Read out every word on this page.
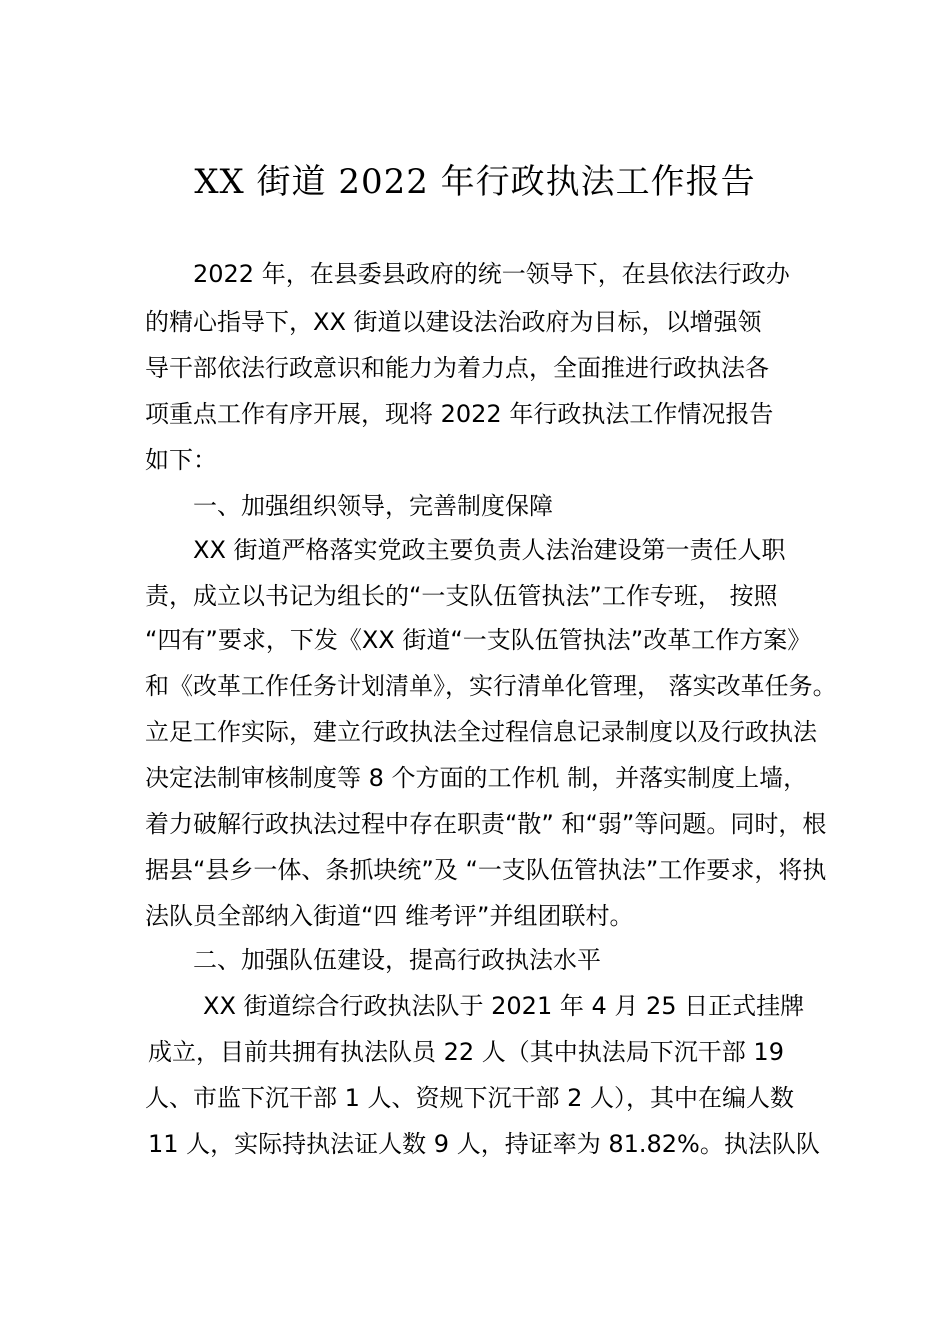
XX 街道 2022 年行政执法工作报告

2022 年，在县委县政府的统一领导下，在县依法行政办

的精心指导下，XX 街道以建设法治政府为目标，以增强领

导干部依法行政意识和能力为着力点，全面推进行政执法各

项重点工作有序开展，现将 2022 年行政执法工作情况报告

如下：

一、加强组织领导，完善制度保障

XX 街道严格落实党政主要负责人法治建设第一责任人职

责，成立以书记为组长的“一支队伍管执法”工作专班， 按照

“四有”要求，下发《XX 街道“一支队伍管执法”改革工作方案》

和《改革工作任务计划清单》，实行清单化管理， 落实改革任务。

立足工作实际，建立行政执法全过程信息记录制度以及行政执法

决定法制审核制度等 8 个方面的工作机 制，并落实制度上墙，

着力破解行政执法过程中存在职责“散” 和“弱”等问题。同时，根

据县“县乡一体、条抓块统”及 “一支队伍管执法”工作要求，将执

法队员全部纳入街道“四 维考评”并组团联村。

二、加强队伍建设，提高行政执法水平

XX 街道综合行政执法队于 2021 年 4 月 25 日正式挂牌

成立，目前共拥有执法队员 22 人（其中执法局下沉干部 19

人、市监下沉干部 1 人、资规下沉干部 2 人），其中在编人数

11 人，实际持执法证人数 9 人，持证率为 81.82%。执法队队
